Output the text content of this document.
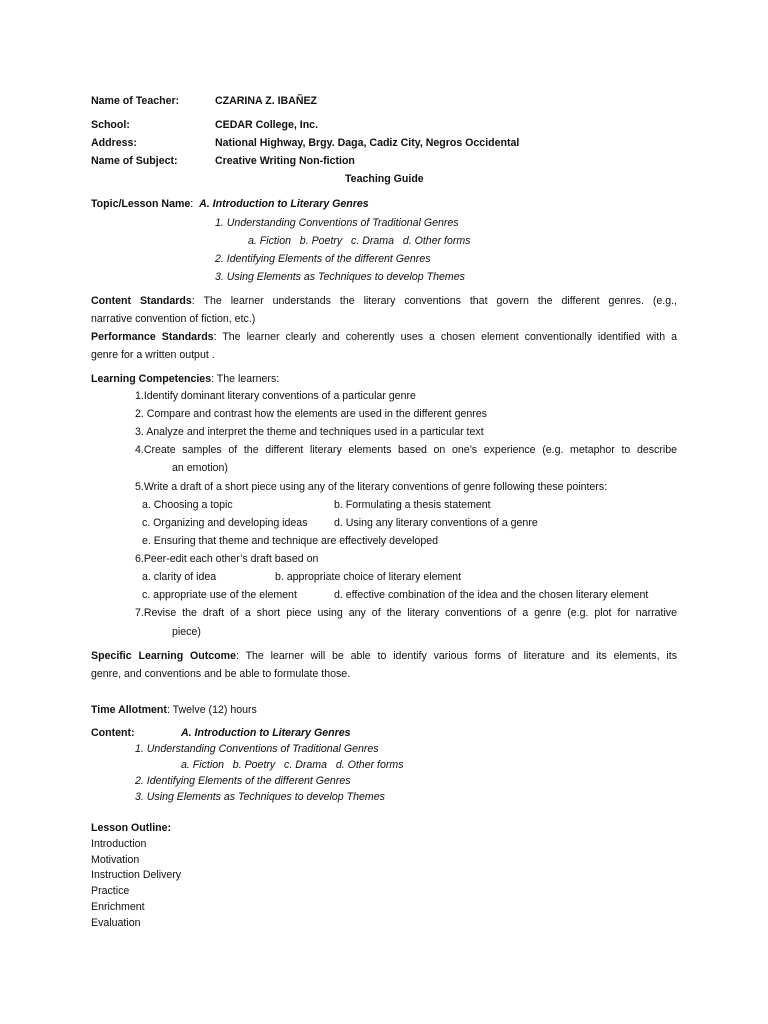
Name of Teacher:	CZARINA Z. IBAÑEZ
School:	CEDAR College, Inc.
Address:	National Highway, Brgy. Daga, Cadiz City, Negros Occidental
Name of Subject:	Creative Writing Non-fiction
Teaching Guide
Topic/Lesson Name: A. Introduction to Literary Genres
1. Understanding Conventions of Traditional Genres
a. Fiction   b. Poetry   c. Drama   d. Other forms
2. Identifying Elements of the different Genres
3. Using Elements as Techniques to develop Themes
Content Standards: The learner understands the literary conventions that govern the different genres. (e.g.,
narrative convention of fiction, etc.)
Performance Standards: The learner clearly and coherently uses a chosen element conventionally identified with a
genre for a written output .
Learning Competencies: The learners:
1.Identify dominant literary conventions of a particular genre
2. Compare and contrast how the elements are used in the different genres
3. Analyze and interpret the theme and techniques used in a particular text
4.Create samples of the different literary elements based on one’s experience (e.g. metaphor to describe
an emotion)
5.Write a draft of a short piece using any of the literary conventions of genre following these pointers:
a. Choosing a topic	b. Formulating a thesis statement
c. Organizing and developing ideas	d. Using any literary conventions of a genre
e. Ensuring that theme and technique are effectively developed
6.Peer-edit each other’s draft based on
a. clarity of idea	b. appropriate choice of literary element
c. appropriate use of the element	d. effective combination of the idea and the chosen literary element
7.Revise the draft of a short piece using any of the literary conventions of a genre (e.g. plot for narrative
piece)
Specific Learning Outcome: The learner will be able to identify various forms of literature and its elements, its
genre, and conventions and be able to formulate those.
Time Allotment: Twelve (12) hours
Content:	A. Introduction to Literary Genres
1. Understanding Conventions of Traditional Genres
a. Fiction   b. Poetry   c. Drama   d. Other forms
2. Identifying Elements of the different Genres
3. Using Elements as Techniques to develop Themes
Lesson Outline:
Introduction
Motivation
Instruction Delivery
Practice
Enrichment
Evaluation
